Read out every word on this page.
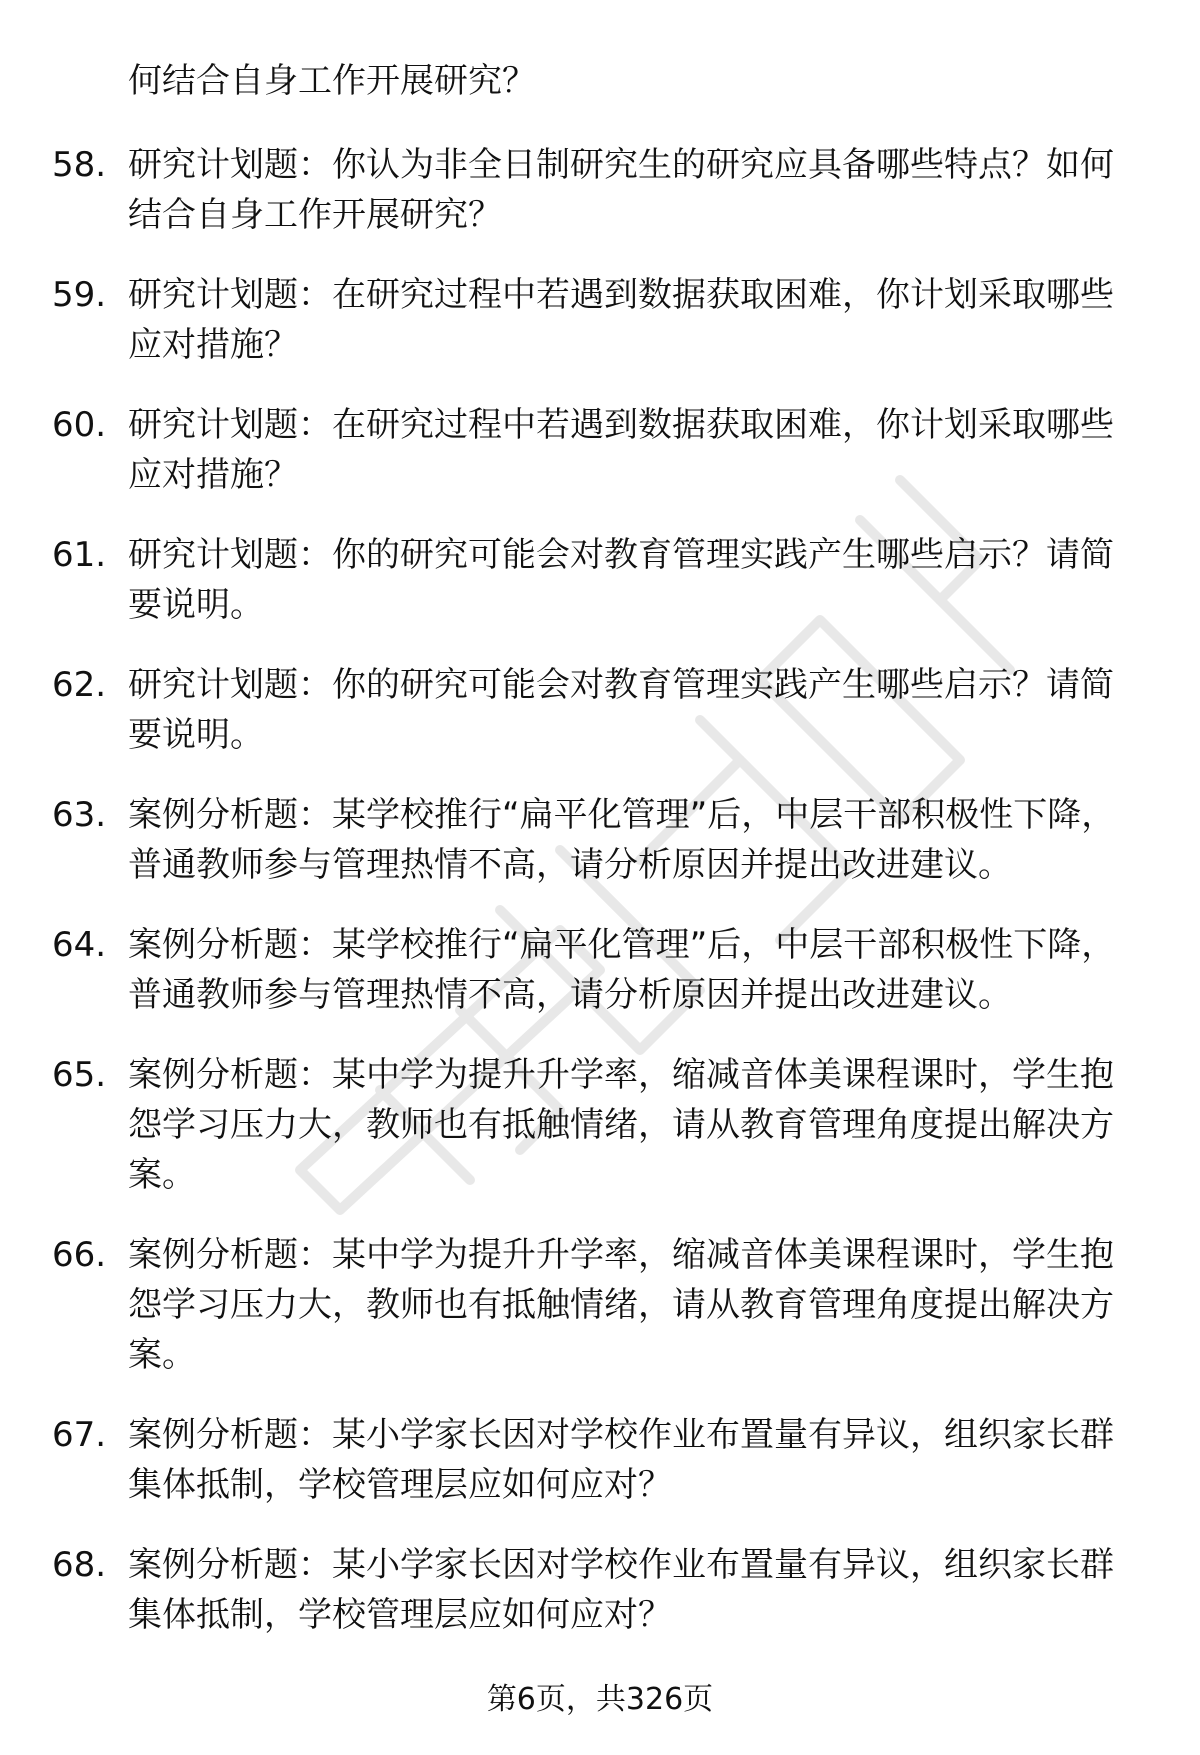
何结合自身工作开展研究？
58. 研究计划题：你认为非全日制研究生的研究应具备哪些特点？如何结合自身工作开展研究？
59. 研究计划题：在研究过程中若遇到数据获取困难，你计划采取哪些应对措施？
60. 研究计划题：在研究过程中若遇到数据获取困难，你计划采取哪些应对措施？
61. 研究计划题：你的研究可能会对教育管理实践产生哪些启示？请简要说明。
62. 研究计划题：你的研究可能会对教育管理实践产生哪些启示？请简要说明。
63. 案例分析题：某学校推行“扁平化管理”后，中层干部积极性下降，普通教师参与管理热情不高，请分析原因并提出改进建议。
64. 案例分析题：某学校推行“扁平化管理”后，中层干部积极性下降，普通教师参与管理热情不高，请分析原因并提出改进建议。
65. 案例分析题：某中学为提升升学率，缩减音体美课程课时，学生抱怨学习压力大，教师也有抵触情绪，请从教育管理角度提出解决方案。
66. 案例分析题：某中学为提升升学率，缩减音体美课程课时，学生抱怨学习压力大，教师也有抵触情绪，请从教育管理角度提出解决方案。
67. 案例分析题：某小学家长因对学校作业布置量有异议，组织家长群集体抵制，学校管理层应如何应对？
68. 案例分析题：某小学家长因对学校作业布置量有异议，组织家长群集体抵制，学校管理层应如何应对？
第6页，共326页
